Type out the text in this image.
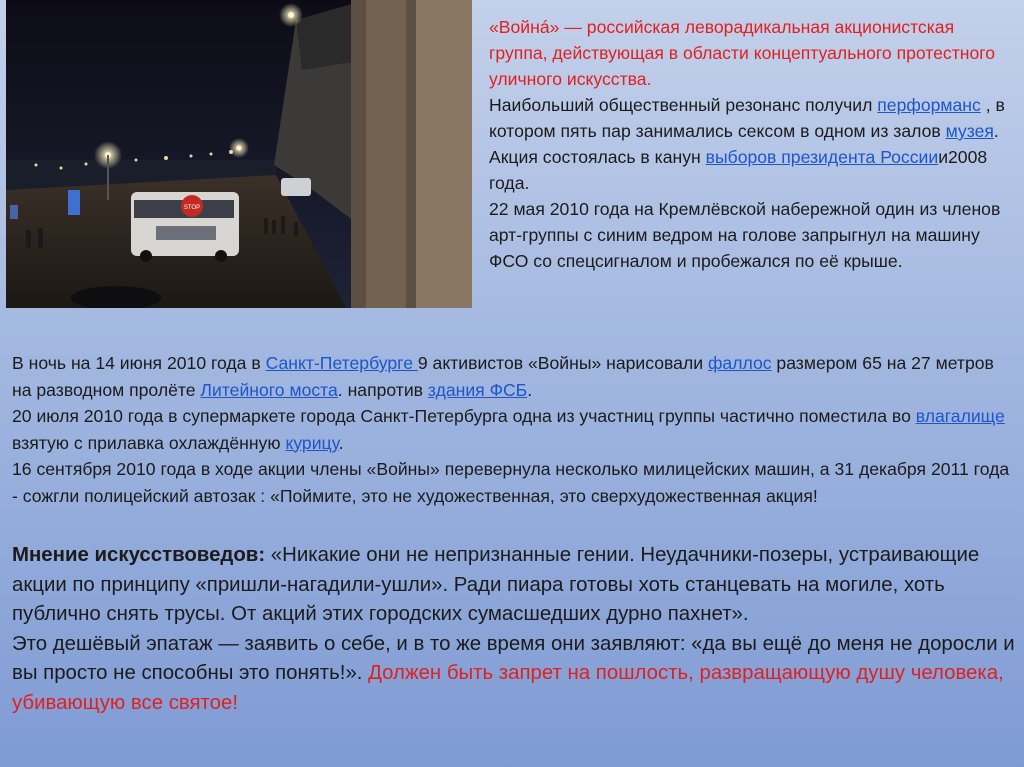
STOP

«Войнá» — российская леворадикальная акционистская группа, действующая в области концептуального протестного уличного искусства.

Наибольший общественный резонанс получил перформанс , в котором пять пар занимались сексом в одном из залов музея. Акция состоялась в канун выборов президента Россиии2008 года.

22 мая 2010 года на Кремлёвской набережной один из членов арт-группы с синим ведром на голове запрыгнул на машину ФСО со спецсигналом и пробежался по её крыше.

В ночь на 14 июня 2010 года в Санкт-Петербурге 9 активистов «Войны» нарисовали фаллос размером 65 на 27 метров на разводном пролёте Литейного моста. напротив здания ФСБ.

20 июля 2010 года в супермаркете города Санкт-Петербурга одна из участниц группы частично поместила во влагалище взятую с прилавка охлаждённую курицу.

16 сентября 2010 года в ходе акции члены «Войны» перевернула несколько милицейских машин, а 31 декабря 2011 года - сожгли полицейский автозак : «Поймите, это не художественная, это сверхудожественная акция!

Мнение искусствоведов: «Никакие они не непризнанные гении. Неудачники-позеры, устраивающие акции по принципу «пришли-нагадили-ушли». Ради пиара готовы хоть станцевать на могиле, хоть публично снять трусы. От акций этих городских сумасшедших дурно пахнет».

Это дешёвый эпатаж — заявить о себе, и в то же время они заявляют: «да вы ещё до меня не доросли и вы просто не способны это понять!». Должен быть запрет на пошлость, развращающую душу человека, убивающую все святое!
